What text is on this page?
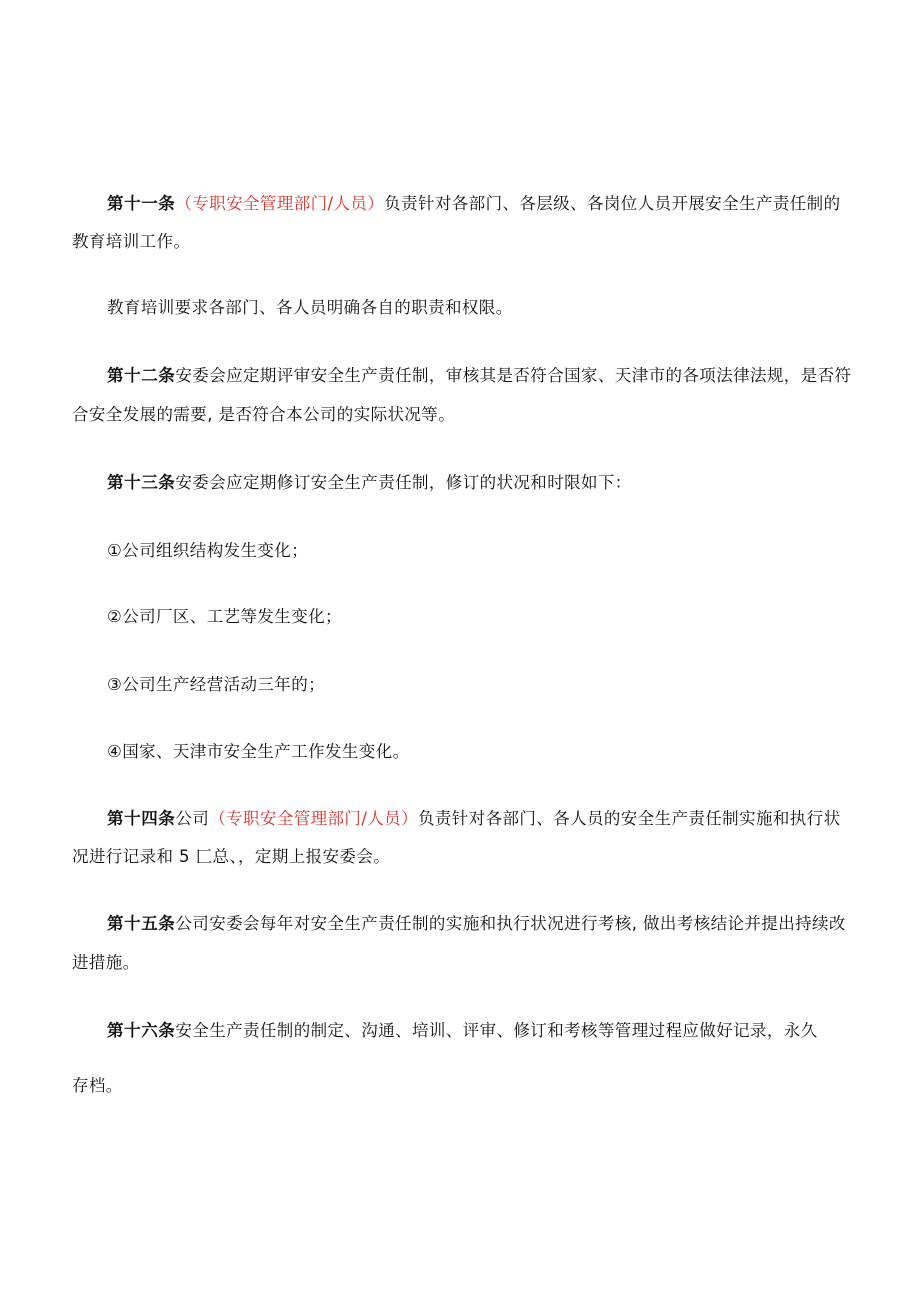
第十一条（专职安全管理部门/人员）负责针对各部门、各层级、各岗位人员开展安全生产责任制的
教育培训工作。
教育培训要求各部门、各人员明确各自的职责和权限。
第十二条安委会应定期评审安全生产责任制，审核其是否符合国家、天津市的各项法律法规，是否符
合安全发展的需要, 是否符合本公司的实际状况等。
第十三条安委会应定期修订安全生产责任制，修订的状况和时限如下：
①公司组织结构发生变化；
②公司厂区、工艺等发生变化；
③公司生产经营活动三年的；
④国家、天津市安全生产工作发生变化。
第十四条公司（专职安全管理部门/人员）负责针对各部门、各人员的安全生产责任制实施和执行状
况进行记录和 5 匚总、，定期上报安委会。
第十五条公司安委会每年对安全生产责任制的实施和执行状况进行考核, 做出考核结论并提出持续改
进措施。
第十六条安全生产责任制的制定、沟通、培训、评审、修订和考核等管理过程应做好记录，永久
存档。
